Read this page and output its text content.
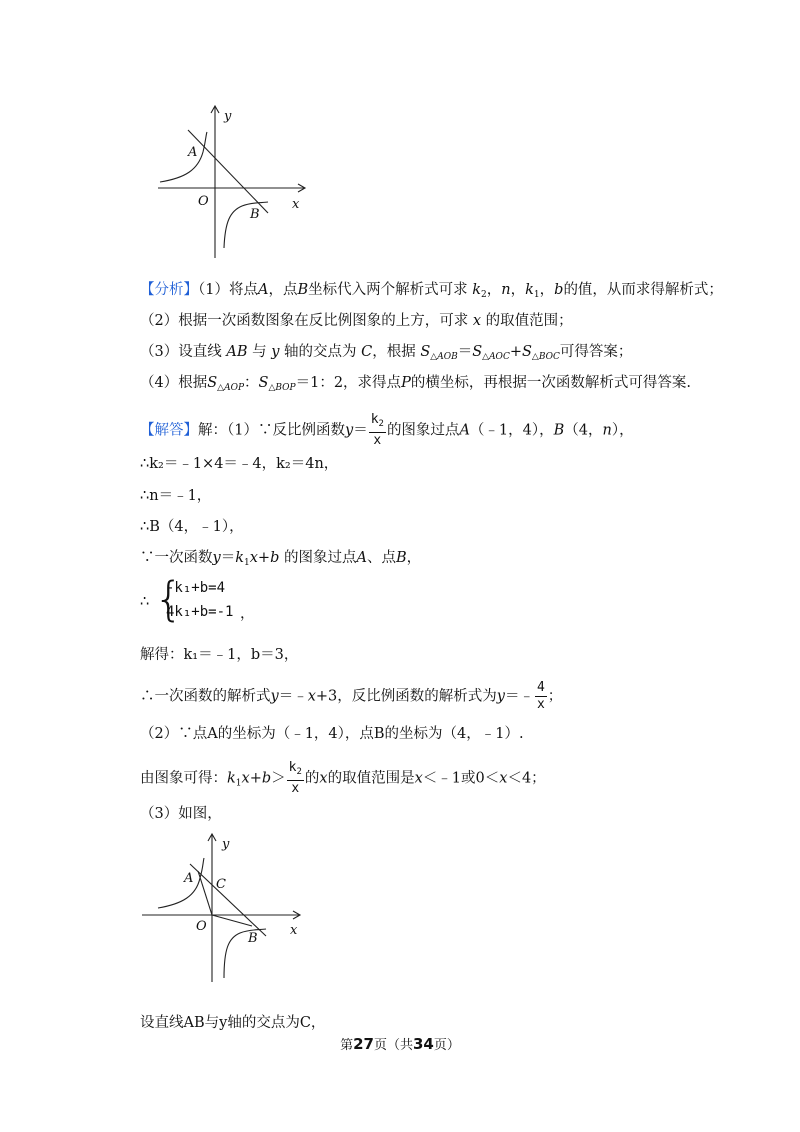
y
x
O
A
B
【分析】（1）将点A，点B坐标代入两个解析式可求 $k_2$，n，$k_1$，b的值，从而求得解析式；
（2）根据一次函数图象在反比例图象的上方，可求 x 的取值范围；
（3）设直线 AB 与 y 轴的交点为 C，根据 $S_{\triangle AOB}=S_{\triangle AOC}+S_{\triangle BOC}$可得答案；
（4）根据$S_{\triangle AOP}$：$S_{\triangle BOP}=1$：2，求得点P的横坐标，再根据一次函数解析式可得答案.
【解答】解：（1）∵反比例函数$y= \frac{k_2}{x}$ 的图象过点A（﹣1，4），B（4，n），
∴k₂＝﹣1×4＝﹣4，k₂＝4n，
∴n＝﹣1，
∴B（4，﹣1），
∵一次函数$y=k_1x+b$ 的图象过点A、点B，
∴ {
-k₁+b=4
4k₁+b=-1 ，
解得：k₁＝﹣1，b＝3，
∴一次函数的解析式y＝﹣x+3，反比例函数的解析式为y＝﹣ $\frac{4}{x}$ ；
（2）∵点A的坐标为（﹣1，4），点B的坐标为（4，﹣1）.
由图象可得：$k_1x+b> \frac{k_2}{x}$ 的x的取值范围是x＜﹣1或0＜x＜4；
（3）如图，
y
x
O
A C
B
设直线AB与y轴的交点为C，
第27页（共34页）
